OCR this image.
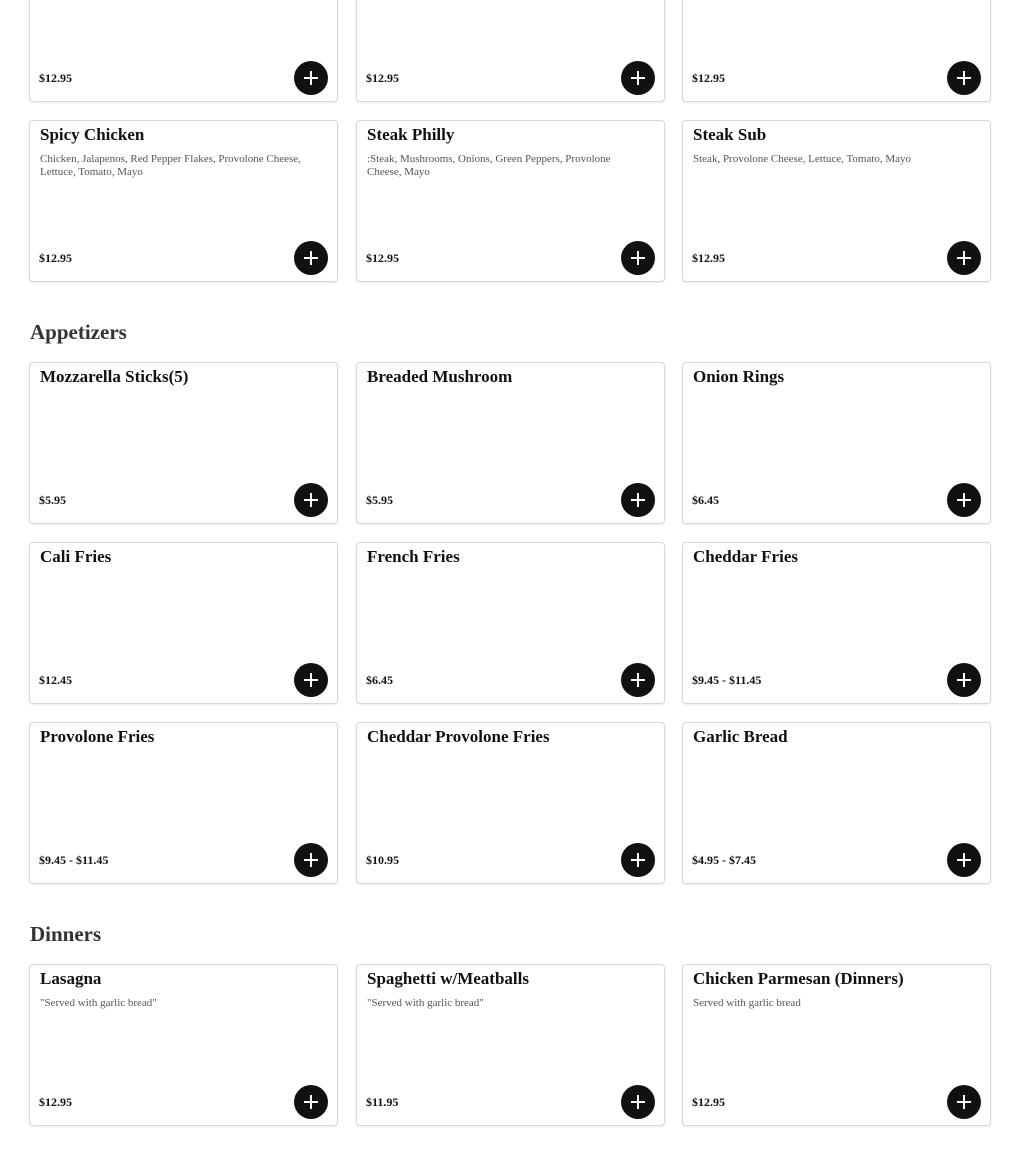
$12.95	$12.95	$12.95
Spicy Chicken
Chicken, Jalapenos, Red Pepper Flakes, Provolone Cheese, Lettuce, Tomato, Mayo
$12.95
Steak Philly
:Steak, Mushrooms, Onions, Green Peppers, Provolone Cheese, Mayo
$12.95
Steak Sub
Steak, Provolone Cheese, Lettuce, Tomato, Mayo
$12.95
Appetizers
Mozzarella Sticks(5)
$5.95
Breaded Mushroom
$5.95
Onion Rings
$6.45
Cali Fries
$12.45
French Fries
$6.45
Cheddar Fries
$9.45 - $11.45
Provolone Fries
$9.45 - $11.45
Cheddar Provolone Fries
$10.95
Garlic Bread
$4.95 - $7.45
Dinners
Lasagna
"Served with garlic bread"
$12.95
Spaghetti w/Meatballs
"Served with garlic bread"
$11.95
Chicken Parmesan (Dinners)
Served with garlic bread
$12.95
